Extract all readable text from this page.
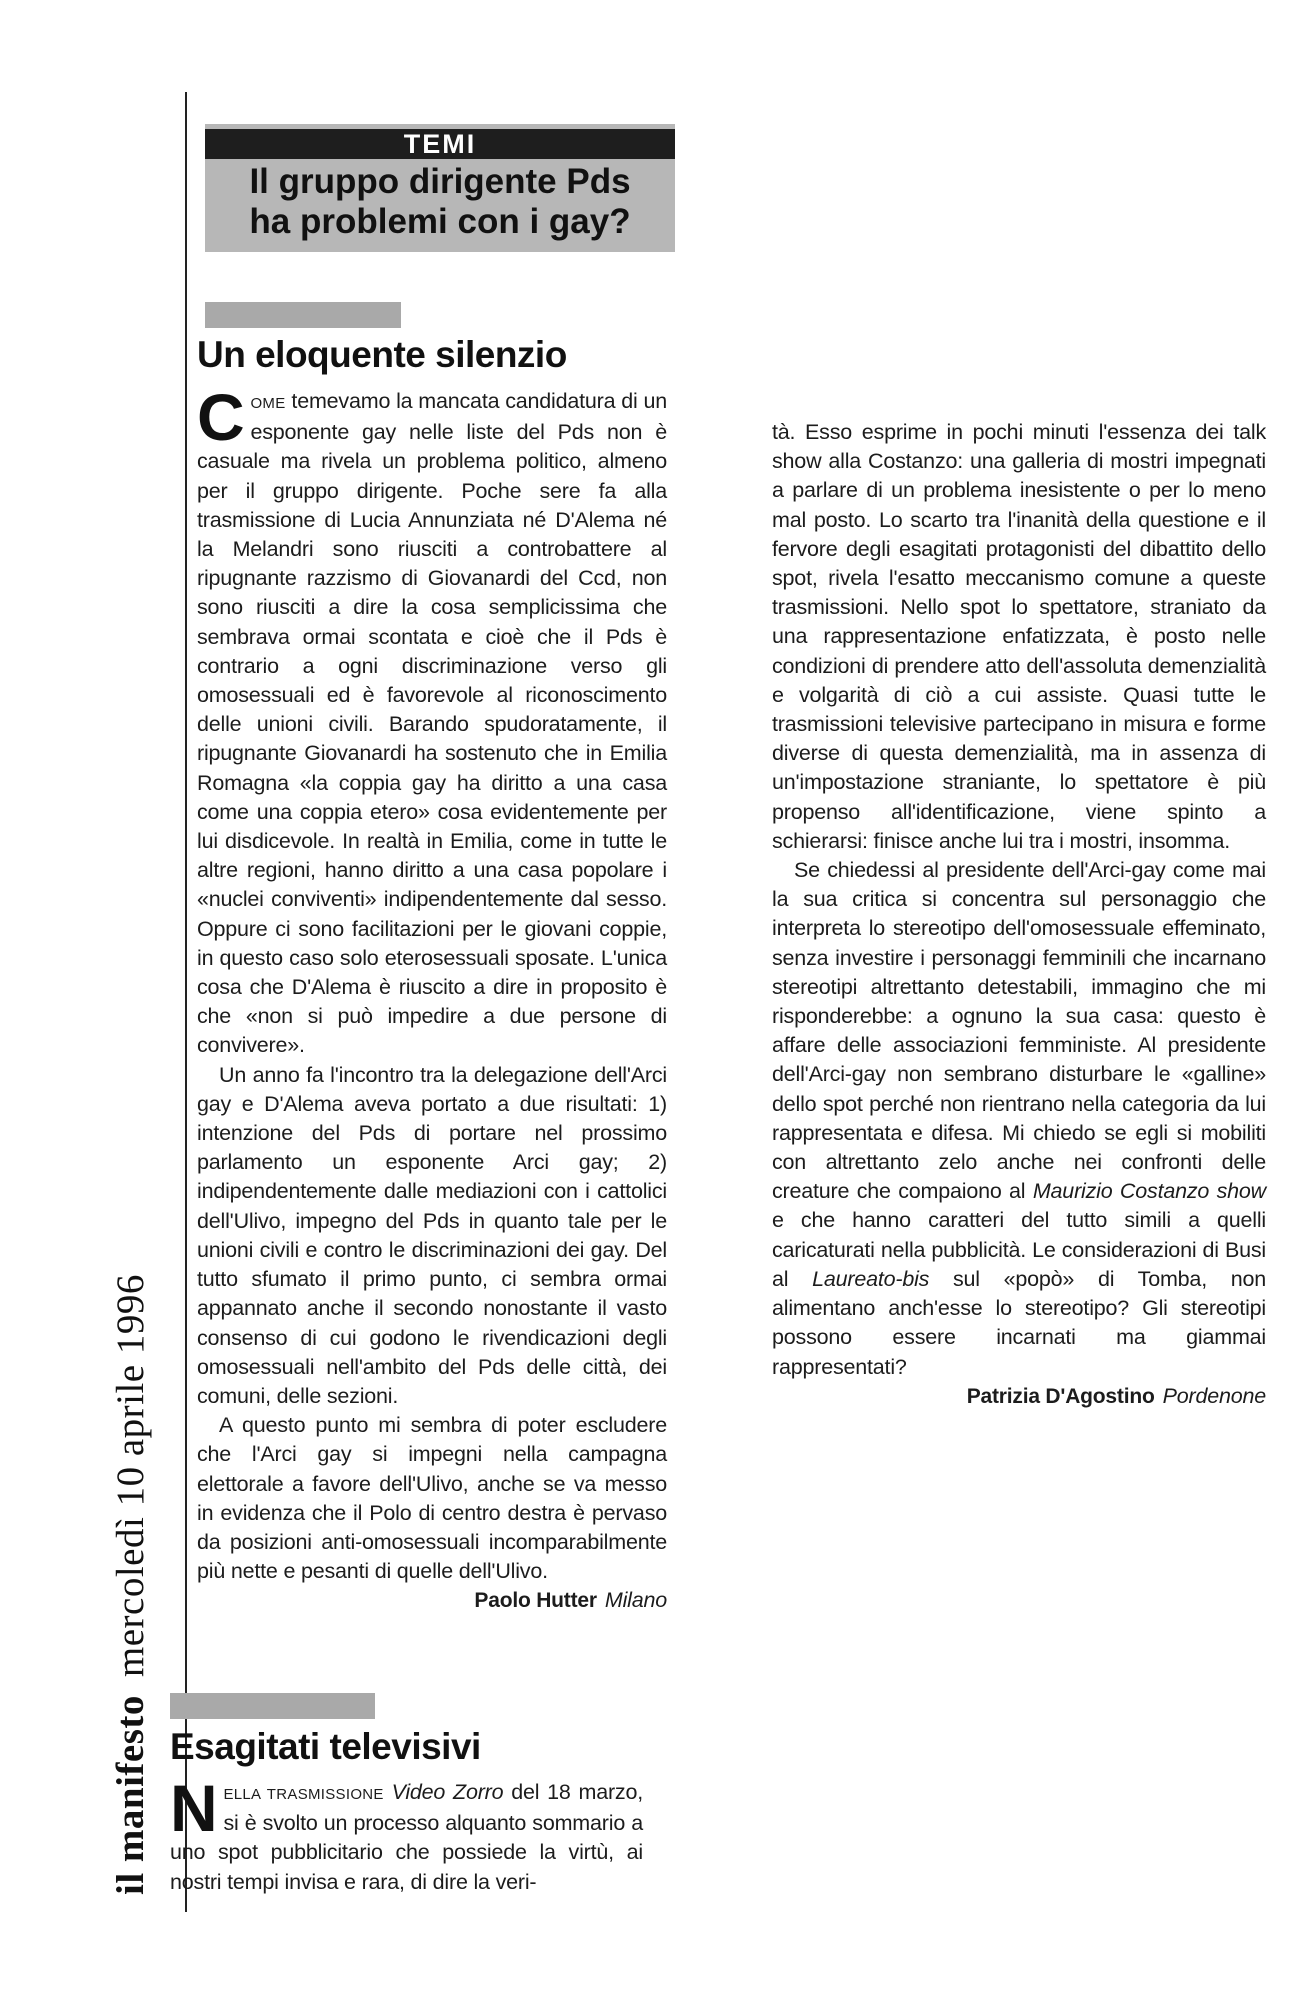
il manifestomercoledì 10 aprile 1996
TEMI
Il gruppo dirigente Pds
ha problemi con i gay?
Un eloquente silenzio

COME temevamo la mancata candidatura di un esponente gay nelle liste del Pds non è casuale ma rivela un problema politico, almeno per il gruppo dirigente. Poche sere fa alla trasmissione di Lucia Annunziata né D'Alema né la Melandri sono riusciti a controbattere al ripugnante razzismo di Giovanardi del Ccd, non sono riusciti a dire la cosa semplicissima che sembrava ormai scontata e cioè che il Pds è contrario a ogni discriminazione verso gli omosessuali ed è favorevole al riconoscimento delle unioni civili. Barando spudoratamente, il ripugnante Giovanardi ha sostenuto che in Emilia Romagna «la coppia gay ha diritto a una casa come una coppia etero» cosa evidentemente per lui disdicevole. In realtà in Emilia, come in tutte le altre regioni, hanno diritto a una casa popolare i «nuclei conviventi» indipendentemente dal sesso. Oppure ci sono facilitazioni per le giovani coppie, in questo caso solo eterosessuali sposate. L'unica cosa che D'Alema è riuscito a dire in proposito è che «non si può impedire a due persone di convivere».

Un anno fa l'incontro tra la delegazione dell'Arci gay e D'Alema aveva portato a due risultati: 1) intenzione del Pds di portare nel prossimo parlamento un esponente Arci gay; 2) indipendentemente dalle mediazioni con i cattolici dell'Ulivo, impegno del Pds in quanto tale per le unioni civili e contro le discriminazioni dei gay. Del tutto sfumato il primo punto, ci sembra ormai appannato anche il secondo nonostante il vasto consenso di cui godono le rivendicazioni degli omosessuali nell'ambito del Pds delle città, dei comuni, delle sezioni.

A questo punto mi sembra di poter escludere che l'Arci gay si impegni nella campagna elettorale a favore dell'Ulivo, anche se va messo in evidenza che il Polo di centro destra è pervaso da posizioni anti-omosessuali incomparabilmente più nette e pesanti di quelle dell'Ulivo.

Paolo Hutter Milano

Esagitati televisivi

NELLA TRASMISSIONE Video Zorro del 18 marzo, si è svolto un processo alquanto sommario a uno spot pubblicitario che possiede la virtù, ai nostri tempi invisa e rara, di dire la veri-

tà. Esso esprime in pochi minuti l'essenza dei talk show alla Costanzo: una galleria di mostri impegnati a parlare di un problema inesistente o per lo meno mal posto. Lo scarto tra l'inanità della questione e il fervore degli esagitati protagonisti del dibattito dello spot, rivela l'esatto meccanismo comune a queste trasmissioni. Nello spot lo spettatore, straniato da una rappresentazione enfatizzata, è posto nelle condizioni di prendere atto dell'assoluta demenzialità e volgarità di ciò a cui assiste. Quasi tutte le trasmissioni televisive partecipano in misura e forme diverse di questa demenzialità, ma in assenza di un'impostazione straniante, lo spettatore è più propenso all'identificazione, viene spinto a schierarsi: finisce anche lui tra i mostri, insomma.

Se chiedessi al presidente dell'Arci-gay come mai la sua critica si concentra sul personaggio che interpreta lo stereotipo dell'omosessuale effeminato, senza investire i personaggi femminili che incarnano stereotipi altrettanto detestabili, immagino che mi risponderebbe: a ognuno la sua casa: questo è affare delle associazioni femministe. Al presidente dell'Arci-gay non sembrano disturbare le «galline» dello spot perché non rientrano nella categoria da lui rappresentata e difesa. Mi chiedo se egli si mobiliti con altrettanto zelo anche nei confronti delle creature che compaiono al Maurizio Costanzo show e che hanno caratteri del tutto simili a quelli caricaturati nella pubblicità. Le considerazioni di Busi al Laureato-bis sul «popò» di Tomba, non alimentano anch'esse lo stereotipo? Gli stereotipi possono essere incarnati ma giammai rappresentati?

Patrizia D'Agostino Pordenone
